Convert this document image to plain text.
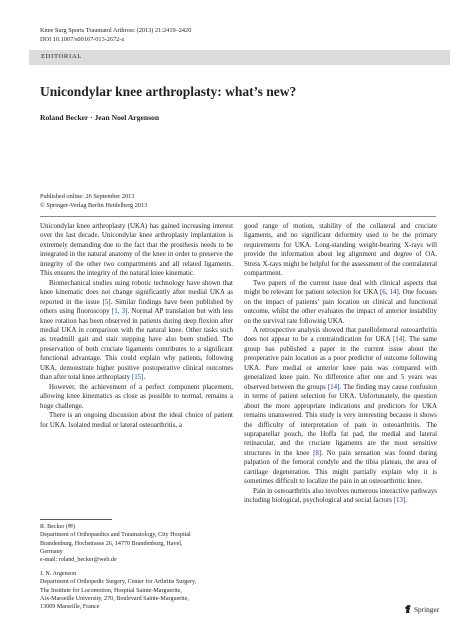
Knee Surg Sports Traumatol Arthrosc (2013) 21:2419–2420
DOI 10.1007/s00167-013-2672-z
EDITORIAL
Unicondylar knee arthroplasty: what’s new?
Roland Becker · Jean Noel Argenson
Published online: 26 September 2013
© Springer-Verlag Berlin Heidelberg 2013

Unicondylar knee arthroplasty (UKA) has gained increasing interest over the last decade. Unicondylar knee arthroplasty implantation is extremely demanding due to the fact that the prosthesis needs to be integrated in the natural anatomy of the knee in order to preserve the integrity of the other two compartments and all related ligaments. This ensures the integrity of the natural knee kinematic.

Biomechanical studies using robotic technology have shown that knee kinematic does not change significantly after medial UKA as reported in the issue [5]. Similar findings have been published by others using fluoroscopy [1, 3]. Normal AP translation but with less knee rotation has been observed in patients during deep flexion after medial UKA in comparison with the natural knee. Other tasks such as treadmill gait and stair stepping have also been studied. The preservation of both cruciate ligaments contributes to a significant functional advantage. This could explain why patients, following UKA, demonstrate higher positive postoperative clinical outcomes than after total knee arthroplasty [15].

However, the achievement of a perfect component placement, allowing knee kinematics as close as possible to normal, remains a huge challenge.

There is an ongoing discussion about the ideal choice of patient for UKA. Isolated medial or lateral osteoarthritis, a

good range of motion, stability of the collateral and cruciate ligaments, and no significant deformity used to be the primary requirements for UKA. Long-standing weight-bearing X-rays will provide the information about leg alignment and degree of OA. Stress X-rays might be helpful for the assessment of the contralateral compartment.

Two papers of the current issue deal with clinical aspects that might be relevant for patient selection for UKA [6, 14]. One focuses on the impact of patients’ pain location on clinical and functional outcome, whilst the other evaluates the impact of anterior instability on the survival rate following UKA.

A retrospective analysis showed that patellofemoral osteoarthritis does not appear to be a contraindication for UKA [14]. The same group has published a paper in the current issue about the preoperative pain location as a poor predictor of outcome following UKA. Pure medial or anterior knee pain was compared with generalized knee pain. No difference after one and 5 years was observed between the groups [14]. The finding may cause confusion in terms of patient selection for UKA. Unfortunately, the question about the more appropriate indications and predictors for UKA remains unanswered. This study is very interesting because it shows the difficulty of interpretation of pain in osteoarthritis. The suprapatellar pouch, the Hoffa fat pad, the medial and lateral retinacular, and the cruciate ligaments are the most sensitive structures in the knee [8]. No pain sensation was found during palpation of the femoral condyle and the tibia plateau, the area of cartilage degeneration. This might partially explain why it is sometimes difficult to localize the pain in an osteoarthritic knee.

Pain in osteoarthritis also involves numerous interactive pathways including biological, psychological and social factors [13].

R. Becker (✉)
Department of Orthopaedics and Traumatology, City Hospital
Brandenburg, Hochstrasse 26, 14770 Brandenburg, Havel,
Germany
e-mail: roland_becker@web.de
J. N. Argenson
Department of Orthopedic Surgery, Center for Arthritis Surgery,
The Institute for Locomotion, Hospital Sainte-Marguerite,
Aix-Marseille University, 270, Boulevard Sainte-Marguerite,
13009 Marseille, France	Springer
